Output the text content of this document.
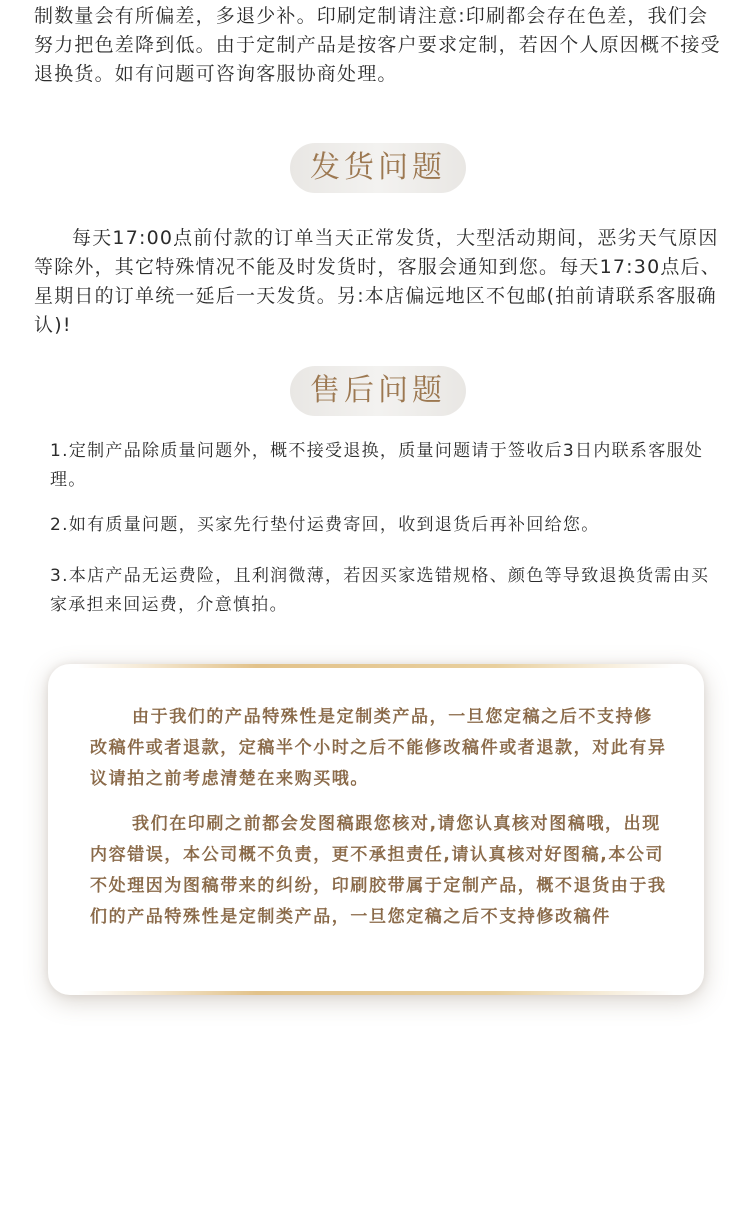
制数量会有所偏差，多退少补。印刷定制请注意:印刷都会存在色差，我们会努力把色差降到低。由于定制产品是按客户要求定制，若因个人原因概不接受退换货。如有问题可咨询客服协商处理。

发货问题

每天17:00点前付款的订单当天正常发货，大型活动期间，恶劣天气原因等除外，其它特殊情况不能及时发货时，客服会通知到您。每天17:30点后、星期日的订单统一延后一天发货。另:本店偏远地区不包邮(拍前请联系客服确认)!

售后问题

1.定制产品除质量问题外，概不接受退换，质量问题请于签收后3日内联系客服处理。

2.如有质量问题，买家先行垫付运费寄回，收到退货后再补回给您。

3.本店产品无运费险，且利润微薄，若因买家选错规格、颜色等导致退换货需由买家承担来回运费，介意慎拍。

由于我们的产品特殊性是定制类产品，一旦您定稿之后不支持修改稿件或者退款，定稿半个小时之后不能修改稿件或者退款，对此有异议请拍之前考虑清楚在来购买哦。

我们在印刷之前都会发图稿跟您核对,请您认真核对图稿哦，出现内容错误，本公司概不负责，更不承担责任,请认真核对好图稿,本公司不处理因为图稿带来的纠纷，印刷胶带属于定制产品，概不退货由于我们的产品特殊性是定制类产品，一旦您定稿之后不支持修改稿件
